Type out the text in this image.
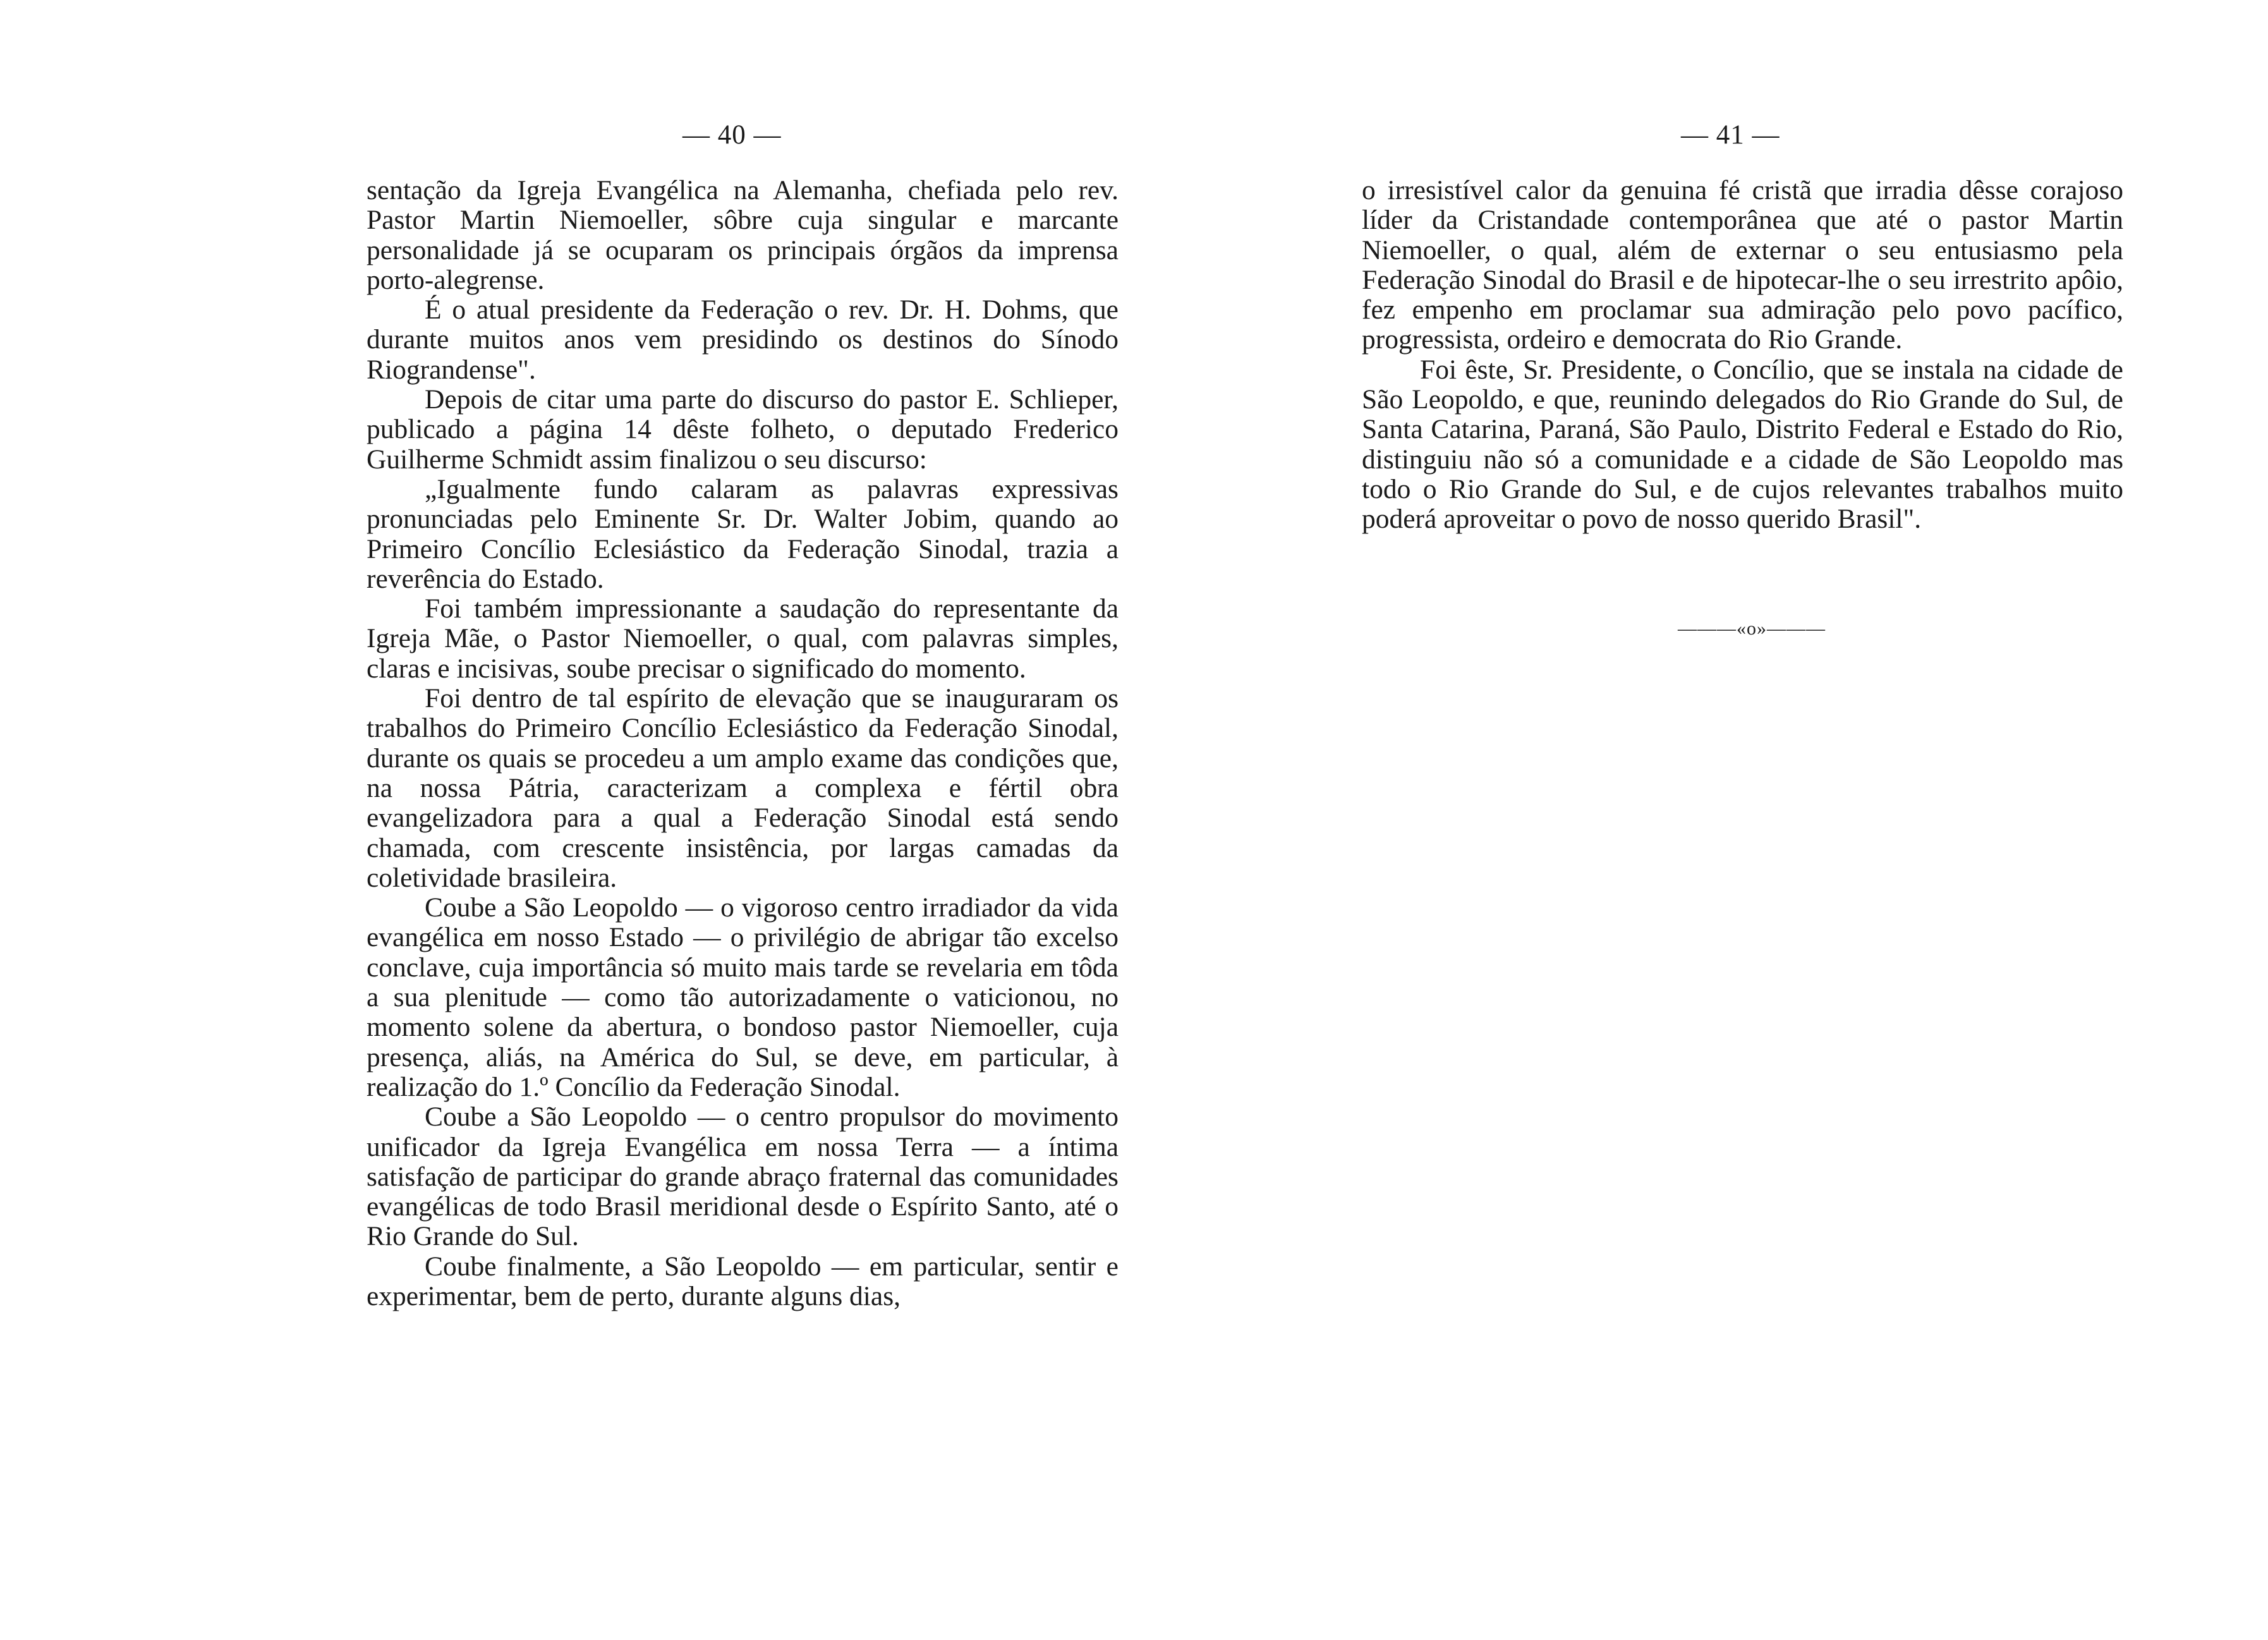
— 40 —

sentação da Igreja Evangélica na Alemanha, chefiada pelo rev. Pastor Martin Niemoeller, sôbre cuja singular e marcante personalidade já se ocuparam os principais órgãos da imprensa porto-alegrense.

É o atual presidente da Federação o rev. Dr. H. Dohms, que durante muitos anos vem presidindo os destinos do Sínodo Riograndense".

Depois de citar uma parte do discurso do pastor E. Schlieper, publicado a página 14 dêste folheto, o deputado Frederico Guilherme Schmidt assim finalizou o seu discurso:

„Igualmente fundo calaram as palavras expressivas pronunciadas pelo Eminente Sr. Dr. Walter Jobim, quando ao Primeiro Concílio Eclesiástico da Federação Sinodal, trazia a reverência do Estado.

Foi também impressionante a saudação do representante da Igreja Mãe, o Pastor Niemoeller, o qual, com palavras simples, claras e incisivas, soube precisar o significado do momento.

Foi dentro de tal espírito de elevação que se inauguraram os trabalhos do Primeiro Concílio Eclesiástico da Federação Sinodal, durante os quais se procedeu a um amplo exame das condições que, na nossa Pátria, caracterizam a complexa e fértil obra evangelizadora para a qual a Federação Sinodal está sendo chamada, com crescente insistência, por largas camadas da coletividade brasileira.

Coube a São Leopoldo — o vigoroso centro irradiador da vida evangélica em nosso Estado — o privilégio de abrigar tão excelso conclave, cuja importância só muito mais tarde se revelaria em tôda a sua plenitude — como tão autorizadamente o vaticionou, no momento solene da abertura, o bondoso pastor Niemoeller, cuja presença, aliás, na América do Sul, se deve, em particular, à realização do 1.º Concílio da Federação Sinodal.

Coube a São Leopoldo — o centro propulsor do movimento unificador da Igreja Evangélica em nossa Terra — a íntima satisfação de participar do grande abraço fraternal das comunidades evangélicas de todo Brasil meridional desde o Espírito Santo, até o Rio Grande do Sul.

Coube finalmente, a São Leopoldo — em particular, sentir e experimentar, bem de perto, durante alguns dias,

— 41 —

o irresistível calor da genuina fé cristã que irradia dêsse corajoso líder da Cristandade contemporânea que até o pastor Martin Niemoeller, o qual, além de externar o seu entusiasmo pela Federação Sinodal do Brasil e de hipotecar-lhe o seu irrestrito apôio, fez empenho em proclamar sua admiração pelo povo pacífico, progressista, ordeiro e democrata do Rio Grande.

Foi êste, Sr. Presidente, o Concílio, que se instala na cidade de São Leopoldo, e que, reunindo delegados do Rio Grande do Sul, de Santa Catarina, Paraná, São Paulo, Distrito Federal e Estado do Rio, distinguiu não só a comunidade e a cidade de São Leopoldo mas todo o Rio Grande do Sul, e de cujos relevantes trabalhos muito poderá aproveitar o povo de nosso querido Brasil".

———«o»———
